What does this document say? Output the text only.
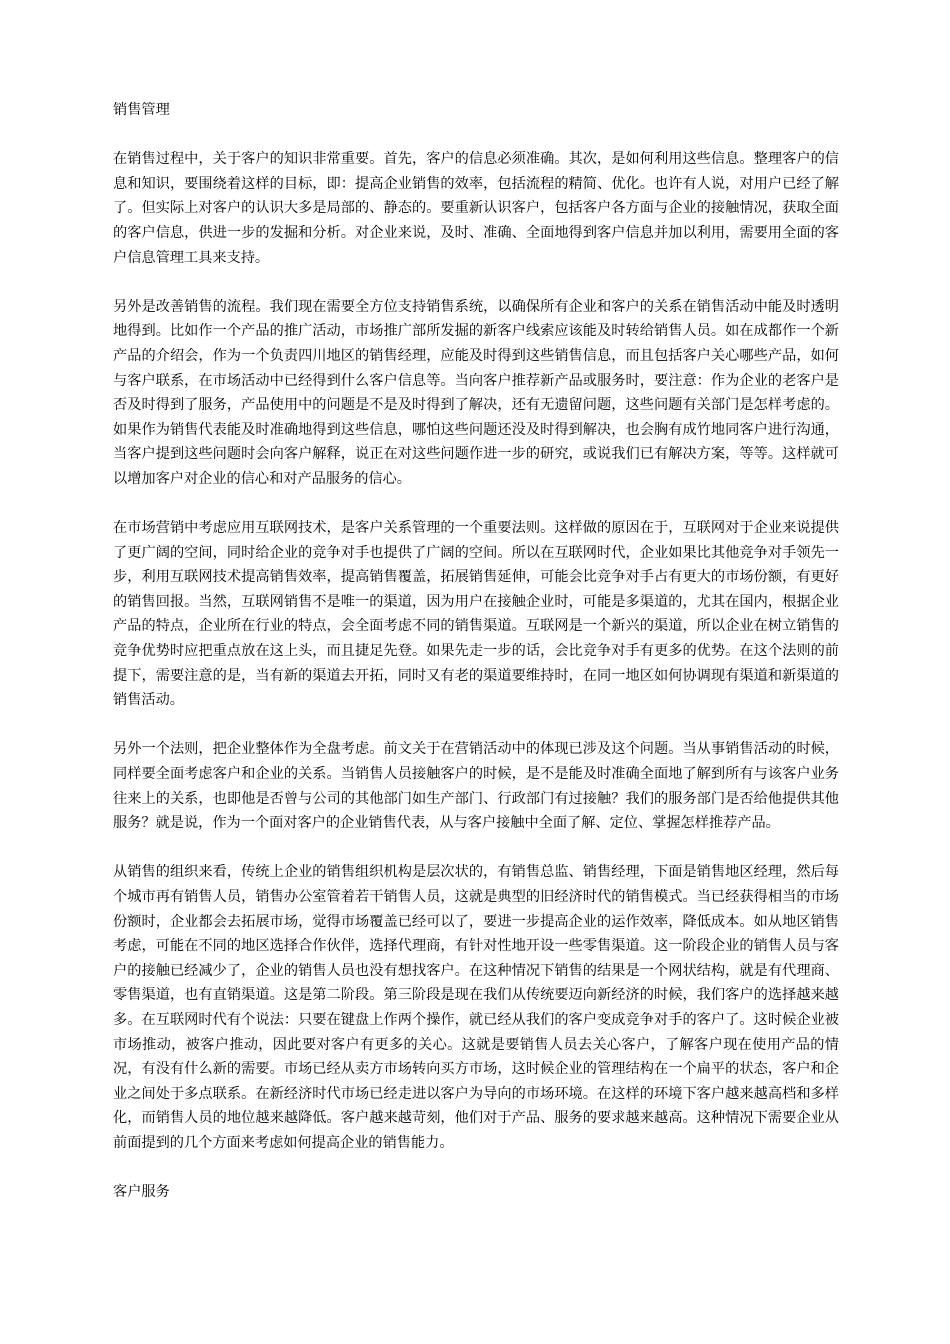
销售管理

在销售过程中，关于客户的知识非常重要。首先，客户的信息必须准确。其次，是如何利用这些信息。整理客户的信息和知识，要围绕着这样的目标，即：提高企业销售的效率，包括流程的精简、优化。也许有人说，对用户已经了解了。但实际上对客户的认识大多是局部的、静态的。要重新认识客户，包括客户各方面与企业的接触情况，获取全面的客户信息，供进一步的发掘和分析。对企业来说，及时、准确、全面地得到客户信息并加以利用，需要用全面的客户信息管理工具来支持。

另外是改善销售的流程。我们现在需要全方位支持销售系统，以确保所有企业和客户的关系在销售活动中能及时透明地得到。比如作一个产品的推广活动，市场推广部所发掘的新客户线索应该能及时转给销售人员。如在成都作一个新产品的介绍会，作为一个负责四川地区的销售经理，应能及时得到这些销售信息，而且包括客户关心哪些产品，如何与客户联系，在市场活动中已经得到什么客户信息等。当向客户推荐新产品或服务时，要注意：作为企业的老客户是否及时得到了服务，产品使用中的问题是不是及时得到了解决，还有无遗留问题，这些问题有关部门是怎样考虑的。如果作为销售代表能及时准确地得到这些信息，哪怕这些问题还没及时得到解决，也会胸有成竹地同客户进行沟通，当客户提到这些问题时会向客户解释，说正在对这些问题作进一步的研究，或说我们已有解决方案，等等。这样就可以增加客户对企业的信心和对产品服务的信心。

在市场营销中考虑应用互联网技术，是客户关系管理的一个重要法则。这样做的原因在于，互联网对于企业来说提供了更广阔的空间，同时给企业的竞争对手也提供了广阔的空间。所以在互联网时代，企业如果比其他竞争对手领先一步，利用互联网技术提高销售效率，提高销售覆盖，拓展销售延伸，可能会比竞争对手占有更大的市场份额，有更好的销售回报。当然，互联网销售不是唯一的渠道，因为用户在接触企业时，可能是多渠道的，尤其在国内，根据企业产品的特点，企业所在行业的特点，会全面考虑不同的销售渠道。互联网是一个新兴的渠道，所以企业在树立销售的竞争优势时应把重点放在这上头，而且捷足先登。如果先走一步的话，会比竞争对手有更多的优势。在这个法则的前提下，需要注意的是，当有新的渠道去开拓，同时又有老的渠道要维持时，在同一地区如何协调现有渠道和新渠道的销售活动。

另外一个法则，把企业整体作为全盘考虑。前文关于在营销活动中的体现已涉及这个问题。当从事销售活动的时候，同样要全面考虑客户和企业的关系。当销售人员接触客户的时候，是不是能及时准确全面地了解到所有与该客户业务往来上的关系，也即他是否曾与公司的其他部门如生产部门、行政部门有过接触？我们的服务部门是否给他提供其他服务？就是说，作为一个面对客户的企业销售代表，从与客户接触中全面了解、定位、掌握怎样推荐产品。

从销售的组织来看，传统上企业的销售组织机构是层次状的，有销售总监、销售经理，下面是销售地区经理，然后每个城市再有销售人员，销售办公室管着若干销售人员，这就是典型的旧经济时代的销售模式。当已经获得相当的市场份额时，企业都会去拓展市场，觉得市场覆盖已经可以了，要进一步提高企业的运作效率，降低成本。如从地区销售考虑，可能在不同的地区选择合作伙伴，选择代理商，有针对性地开设一些零售渠道。这一阶段企业的销售人员与客户的接触已经减少了，企业的销售人员也没有想找客户。在这种情况下销售的结果是一个网状结构，就是有代理商、零售渠道，也有直销渠道。这是第二阶段。第三阶段是现在我们从传统要迈向新经济的时候，我们客户的选择越来越多。在互联网时代有个说法：只要在键盘上作两个操作，就已经从我们的客户变成竞争对手的客户了。这时候企业被市场推动，被客户推动，因此要对客户有更多的关心。这就是要销售人员去关心客户，了解客户现在使用产品的情况，有没有什么新的需要。市场已经从卖方市场转向买方市场，这时候企业的管理结构在一个扁平的状态，客户和企业之间处于多点联系。在新经济时代市场已经走进以客户为导向的市场环境。在这样的环境下客户越来越高档和多样化，而销售人员的地位越来越降低。客户越来越苛刻，他们对于产品、服务的要求越来越高。这种情况下需要企业从前面提到的几个方面来考虑如何提高企业的销售能力。

客户服务
